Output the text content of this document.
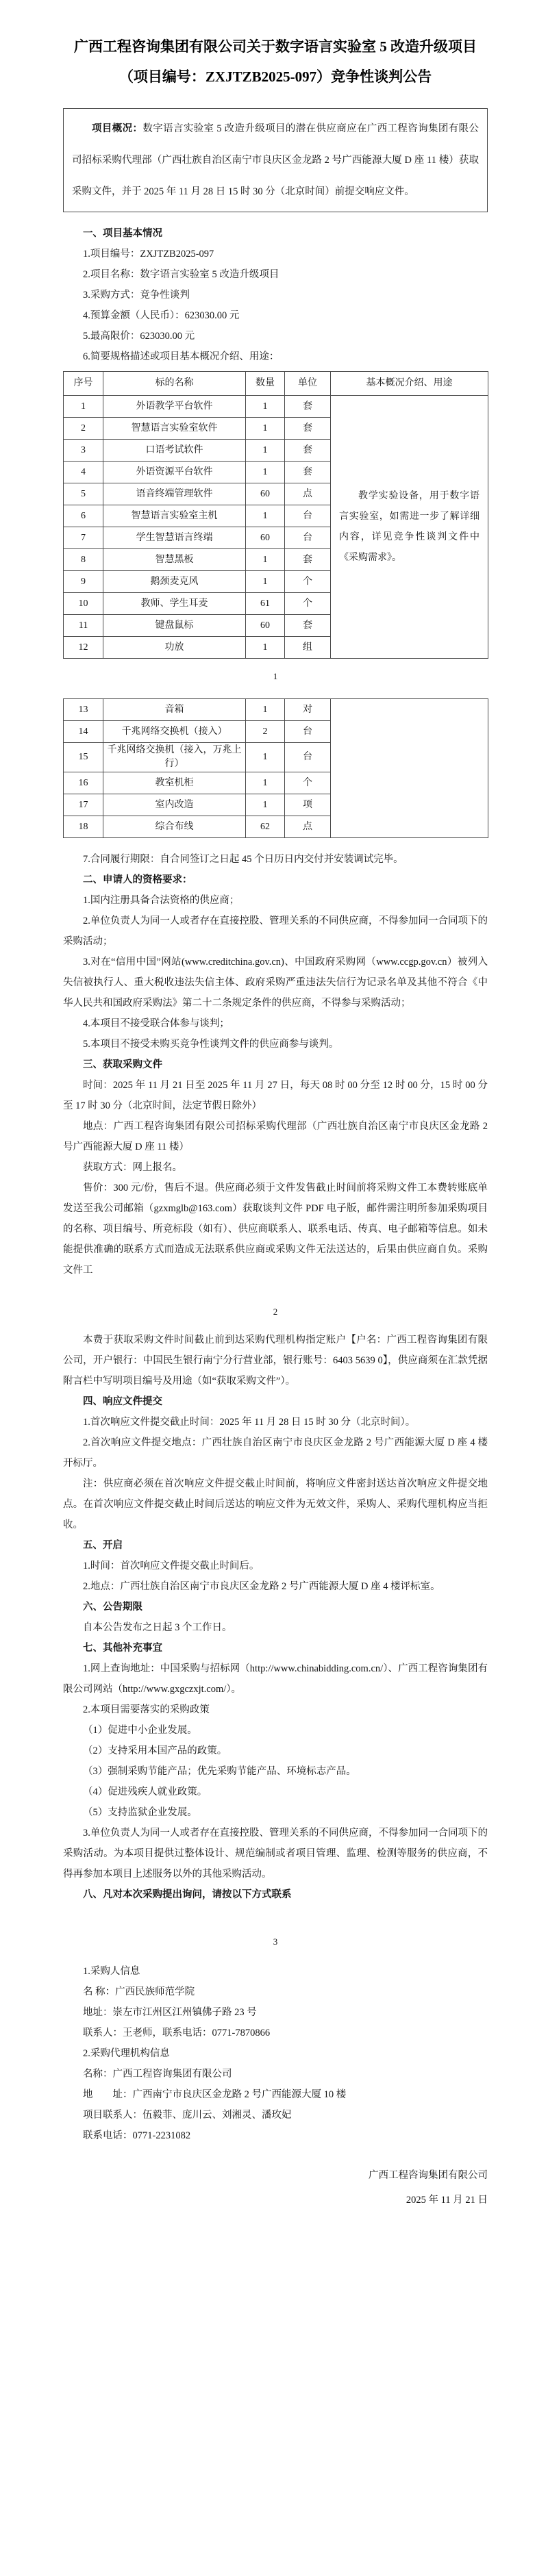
广西工程咨询集团有限公司关于数字语言实验室 5 改造升级项目
（项目编号：ZXJTZB2025-097）竞争性谈判公告

项目概况：数字语言实验室 5 改造升级项目的潜在供应商应在广西工程咨询集团有限公司招标采购代理部（广西壮族自治区南宁市良庆区金龙路 2 号广西能源大厦 D 座 11 楼）获取采购文件，并于 2025 年 11 月 28 日 15 时 30 分（北京时间）前提交响应文件。

一、项目基本情况

1.项目编号：ZXJTZB2025-097

2.项目名称：数字语言实验室 5 改造升级项目

3.采购方式：竞争性谈判

4.预算金额（人民币）：623030.00 元

5.最高限价：623030.00 元

6.简要规格描述或项目基本概况介绍、用途：

序号	标的名称	数量	单位	基本概况介绍、用途
1	外语教学平台软件	1	套	教学实验设备，用于数字语言实验室，如需进一步了解详细内容，详见竞争性谈判文件中《采购需求》。
2	智慧语言实验室软件	1	套	
3	口语考试软件	1	套	
4	外语资源平台软件	1	套	
5	语音终端管理软件	60	点	
6	智慧语言实验室主机	1	台	
7	学生智慧语言终端	60	台	
8	智慧黑板	1	套	
9	鹅颈麦克风	1	个	
10	教师、学生耳麦	61	个	
11	键盘鼠标	60	套	
12	功放	1	组	

1

13	音箱	1	对	
14	千兆网络交换机（接入）	2	台	
15	千兆网络交换机（接入，万兆上行）	1	台	
16	教室机柜	1	个	
17	室内改造	1	项	
18	综合布线	62	点	

7.合同履行期限：自合同签订之日起 45 个日历日内交付并安装调试完毕。

二、申请人的资格要求：

1.国内注册具备合法资格的供应商；

2.单位负责人为同一人或者存在直接控股、管理关系的不同供应商，不得参加同一合同项下的采购活动；

3.对在“信用中国”网站(www.creditchina.gov.cn)、中国政府采购网（www.ccgp.gov.cn）被列入失信被执行人、重大税收违法失信主体、政府采购严重违法失信行为记录名单及其他不符合《中华人民共和国政府采购法》第二十二条规定条件的供应商，不得参与采购活动；

4.本项目不接受联合体参与谈判；

5.本项目不接受未购买竞争性谈判文件的供应商参与谈判。

三、获取采购文件

时间：2025 年 11 月 21 日至 2025 年 11 月 27 日，每天 08 时 00 分至 12 时 00 分，15 时 00 分至 17 时 30 分（北京时间，法定节假日除外）

地点：广西工程咨询集团有限公司招标采购代理部（广西壮族自治区南宁市良庆区金龙路 2 号广西能源大厦 D 座 11 楼）

获取方式：网上报名。

售价：300 元/份，售后不退。供应商必须于文件发售截止时间前将采购文件工本费转账底单发送至我公司邮箱（gzxmglb@163.com）获取谈判文件 PDF 电子版，邮件需注明所参加采购项目的名称、项目编号、所竞标段（如有）、供应商联系人、联系电话、传真、电子邮箱等信息。如未能提供准确的联系方式而造成无法联系供应商或采购文件无法送达的，后果由供应商自负。采购文件工

2

本费于获取采购文件时间截止前到达采购代理机构指定账户【户名：广西工程咨询集团有限公司，开户银行：中国民生银行南宁分行营业部，银行账号：6403 5639 0】，供应商须在汇款凭据附言栏中写明项目编号及用途（如“获取采购文件”）。

四、响应文件提交

1.首次响应文件提交截止时间：2025 年 11 月 28 日 15 时 30 分（北京时间）。

2.首次响应文件提交地点：广西壮族自治区南宁市良庆区金龙路 2 号广西能源大厦 D 座 4 楼开标厅。

注：供应商必须在首次响应文件提交截止时间前，将响应文件密封送达首次响应文件提交地点。在首次响应文件提交截止时间后送达的响应文件为无效文件，采购人、采购代理机构应当拒收。

五、开启

1.时间：首次响应文件提交截止时间后。

2.地点：广西壮族自治区南宁市良庆区金龙路 2 号广西能源大厦 D 座 4 楼评标室。

六、公告期限

自本公告发布之日起 3 个工作日。

七、其他补充事宜

1.网上查询地址：中国采购与招标网（http://www.chinabidding.com.cn/）、广西工程咨询集团有限公司网站（http://www.gxgczxjt.com/）。

2.本项目需要落实的采购政策

（1）促进中小企业发展。

（2）支持采用本国产品的政策。

（3）强制采购节能产品；优先采购节能产品、环境标志产品。

（4）促进残疾人就业政策。

（5）支持监狱企业发展。

3.单位负责人为同一人或者存在直接控股、管理关系的不同供应商，不得参加同一合同项下的采购活动。为本项目提供过整体设计、规范编制或者项目管理、监理、检测等服务的供应商，不得再参加本项目上述服务以外的其他采购活动。

八、凡对本次采购提出询问，请按以下方式联系

3

1.采购人信息

名 称：广西民族师范学院

地址：崇左市江州区江州镇佛子路 23 号

联系人：王老师，联系电话：0771-7870866

2.采购代理机构信息

名称：广西工程咨询集团有限公司

地　　址：广西南宁市良庆区金龙路 2 号广西能源大厦 10 楼

项目联系人：伍毅菲、庞川云、刘湘灵、潘玫妃

联系电话：0771-2231082

广西工程咨询集团有限公司

2025 年 11 月 21 日
